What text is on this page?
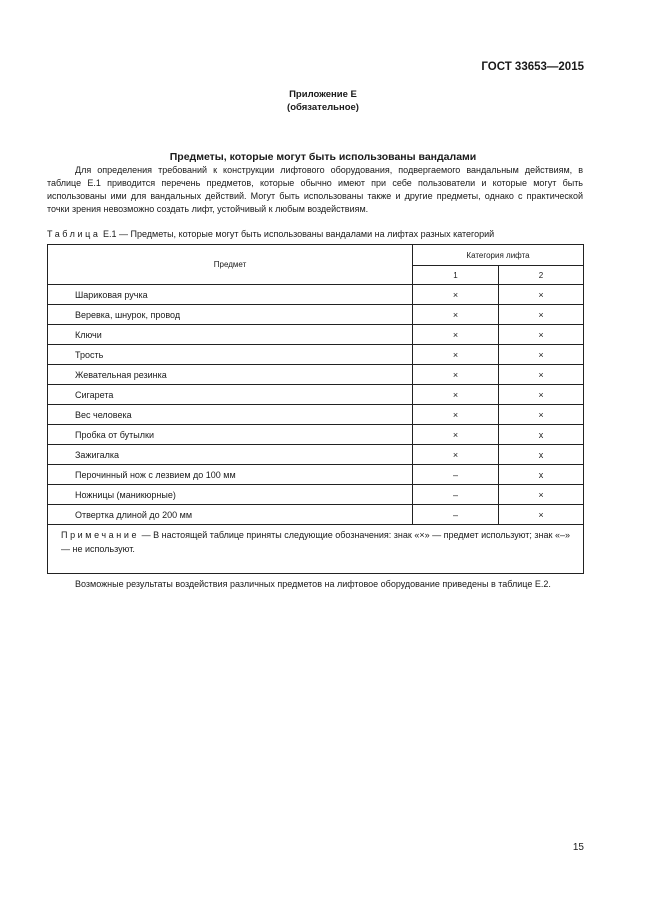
ГОСТ 33653—2015
Приложение Е
(обязательное)
Предметы, которые могут быть использованы вандалами

Для определения требований к конструкции лифтового оборудования, подвергаемого вандальным действиям, в таблице Е.1 приводится перечень предметов, которые обычно имеют при себе пользователи и которые могут быть использованы ими для вандальных действий. Могут быть использованы также и другие предметы, однако с практической точки зрения невозможно создать лифт, устойчивый к любым воздействиям.

Таблица Е.1 — Предметы, которые могут быть использованы вандалами на лифтах разных категорий
Предмет	Категория лифта	
	1	2
Шариковая ручка	×	×
Веревка, шнурок, провод	×	×
Ключи	×	×
Трость	×	×
Жевательная резинка	×	×
Сигарета	×	×
Вес человека	×	×
Пробка от бутылки	×	x
Зажигалка	×	x
Перочинный нож с лезвием до 100 мм	–	x
Ножницы (маникюрные)	–	×
Отвертка длиной до 200 мм	–	×
Примечание — В настоящей таблице приняты следующие обозначения: знак «×» — предмет используют; знак «–» — не используют.		

Возможные результаты воздействия различных предметов на лифтовое оборудование приведены в таблице Е.2.

15
